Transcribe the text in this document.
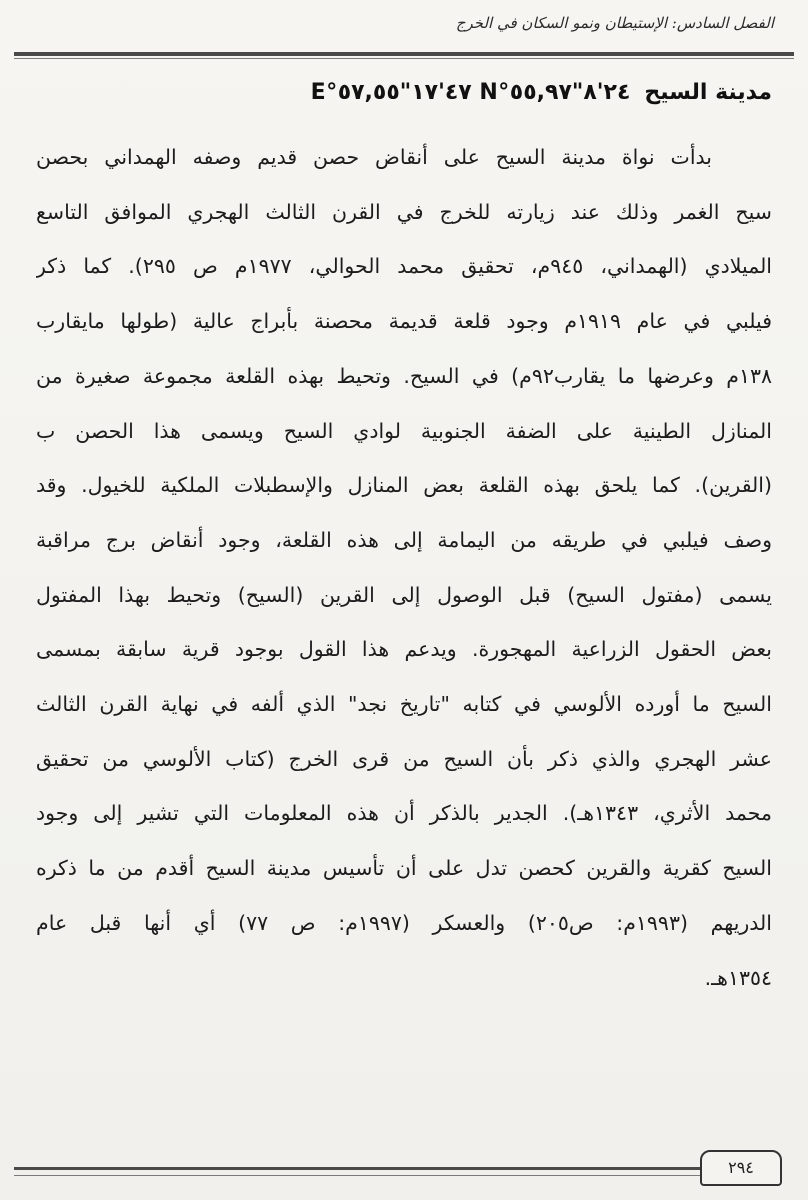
الفصل السادس: الإستيطان ونمو السكان في الخرج
مدينة السيح
E°٤٧'١٧"٥٧,٥٥ N°٢٤'٨"٥٥,٩٧
بدأت نواة مدينة السيح على أنقاض حصن قديم وصفه الهمداني بحصن
سيح الغمر وذلك عند زيارته للخرج في القرن الثالث الهجري الموافق التاسع
الميلادي (الهمداني، ٩٤٥م، تحقيق محمد الحوالي، ١٩٧٧م ص ٢٩٥). كما ذكر
فيلبي في عام ١٩١٩م وجود قلعة قديمة محصنة بأبراج عالية (طولها مايقارب
١٣٨م وعرضها ما يقارب٩٢م) في السيح. وتحيط بهذه القلعة مجموعة صغيرة من
المنازل الطينية على الضفة الجنوبية لوادي السيح ويسمى هذا الحصن ب
(القرين). كما يلحق بهذه القلعة بعض المنازل والإسطبلات الملكية للخيول. وقد
وصف فيلبي في طريقه من اليمامة إلى هذه القلعة، وجود أنقاض برج مراقبة
يسمى (مفتول السيح) قبل الوصول إلى القرين (السيح) وتحيط بهذا المفتول
بعض الحقول الزراعية المهجورة. ويدعم هذا القول بوجود قرية سابقة بمسمى
السيح ما أورده الألوسي في كتابه "تاريخ نجد" الذي ألفه في نهاية القرن الثالث
عشر الهجري والذي ذكر بأن السيح من قرى الخرج (كتاب الألوسي من تحقيق
محمد الأثري، ١٣٤٣هـ). الجدير بالذكر أن هذه المعلومات التي تشير إلى وجود
السيح كقرية والقرين كحصن تدل على أن تأسيس مدينة السيح أقدم من ما ذكره
الدريهم (١٩٩٣م: ص٢٠٥) والعسكر (١٩٩٧م: ص ٧٧) أي أنها قبل عام
١٣٥٤هـ.
٢٩٤
